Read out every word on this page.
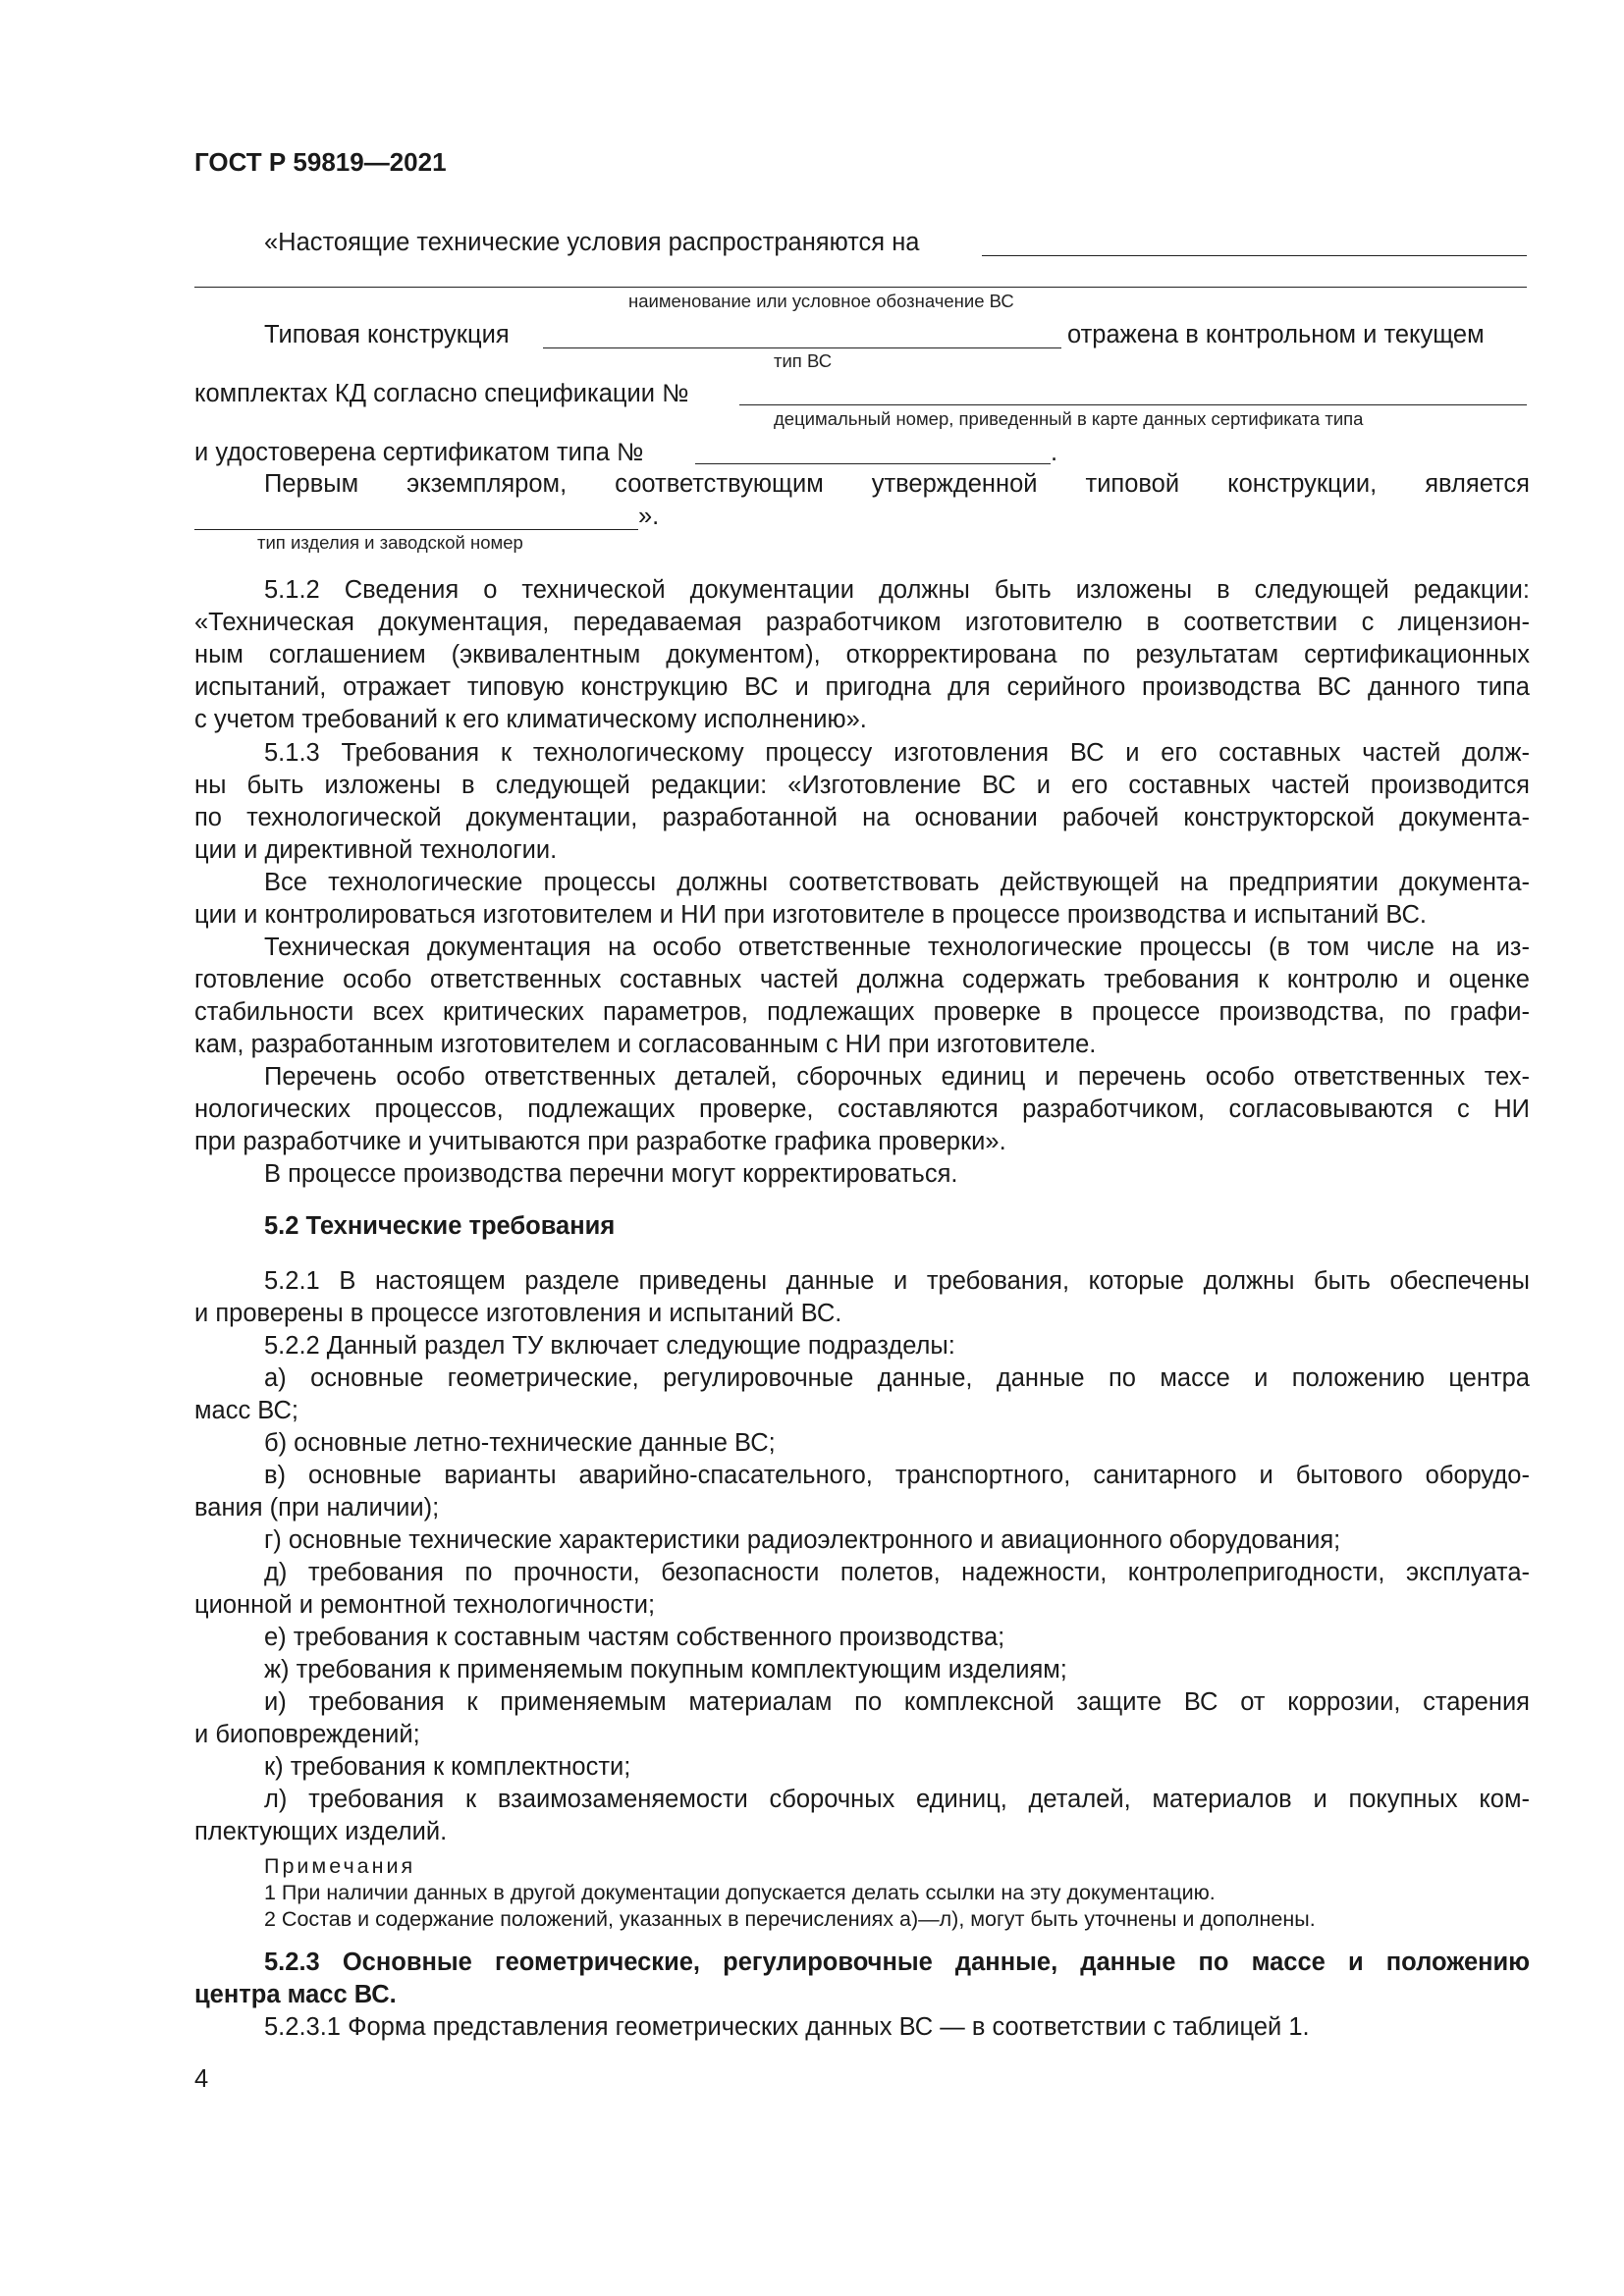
ГОСТ Р 59819—2021
«Настоящие технические условия распространяются на
наименование или условное обозначение ВС
Типовая конструкция	отражена в контрольном и текущем
тип ВС
комплектах КД согласно спецификации №
децимальный номер, приведенный в карте данных сертификата типа
и удостоверена сертификатом типа №	.

Первым экземпляром, соответствующим утвержденной типовой конструкции, является

».
тип изделия и заводской номер

5.1.2 Сведения о технической документации должны быть изложены в следующей редакции:

«Техническая документация, передаваемая разработчиком изготовителю в соответствии с лицензион-

ным соглашением (эквивалентным документом), откорректирована по результатам сертификационных

испытаний, отражает типовую конструкцию ВС и пригодна для серийного производства ВС данного типа

с учетом требований к его климатическому исполнению».

5.1.3 Требования к технологическому процессу изготовления ВС и его составных частей долж-

ны быть изложены в следующей редакции: «Изготовление ВС и его составных частей производится

по технологической документации, разработанной на основании рабочей конструкторской документа-

ции и директивной технологии.

Все технологические процессы должны соответствовать действующей на предприятии документа-

ции и контролироваться изготовителем и НИ при изготовителе в процессе производства и испытаний ВС.

Техническая документация на особо ответственные технологические процессы (в том числе на из-

готовление особо ответственных составных частей должна содержать требования к контролю и оценке

стабильности всех критических параметров, подлежащих проверке в процессе производства, по графи-

кам, разработанным изготовителем и согласованным с НИ при изготовителе.

Перечень особо ответственных деталей, сборочных единиц и перечень особо ответственных тех-

нологических процессов, подлежащих проверке, составляются разработчиком, согласовываются с НИ

при разработчике и учитываются при разработке графика проверки».

В процессе производства перечни могут корректироваться.

5.2 Технические требования

5.2.1 В настоящем разделе приведены данные и требования, которые должны быть обеспечены

и проверены в процессе изготовления и испытаний ВС.

5.2.2 Данный раздел ТУ включает следующие подразделы:

а) основные геометрические, регулировочные данные, данные по массе и положению центра

масс ВС;

б) основные летно-технические данные ВС;

в) основные варианты аварийно-спасательного, транспортного, санитарного и бытового оборудо-

вания (при наличии);

г) основные технические характеристики радиоэлектронного и авиационного оборудования;

д) требования по прочности, безопасности полетов, надежности, контролепригодности, эксплуата-

ционной и ремонтной технологичности;

е) требования к составным частям собственного производства;

ж) требования к применяемым покупным комплектующим изделиям;

и) требования к применяемым материалам по комплексной защите ВС от коррозии, старения

и биоповреждений;

к) требования к комплектности;

л) требования к взаимозаменяемости сборочных единиц, деталей, материалов и покупных ком-

плектующих изделий.

Примечания
1 При наличии данных в другой документации допускается делать ссылки на эту документацию.
2 Состав и содержание положений, указанных в перечислениях а)—л), могут быть уточнены и дополнены.

5.2.3 Основные геометрические, регулировочные данные, данные по массе и положению

центра масс ВС.

5.2.3.1 Форма представления геометрических данных ВС — в соответствии с таблицей 1.

4
